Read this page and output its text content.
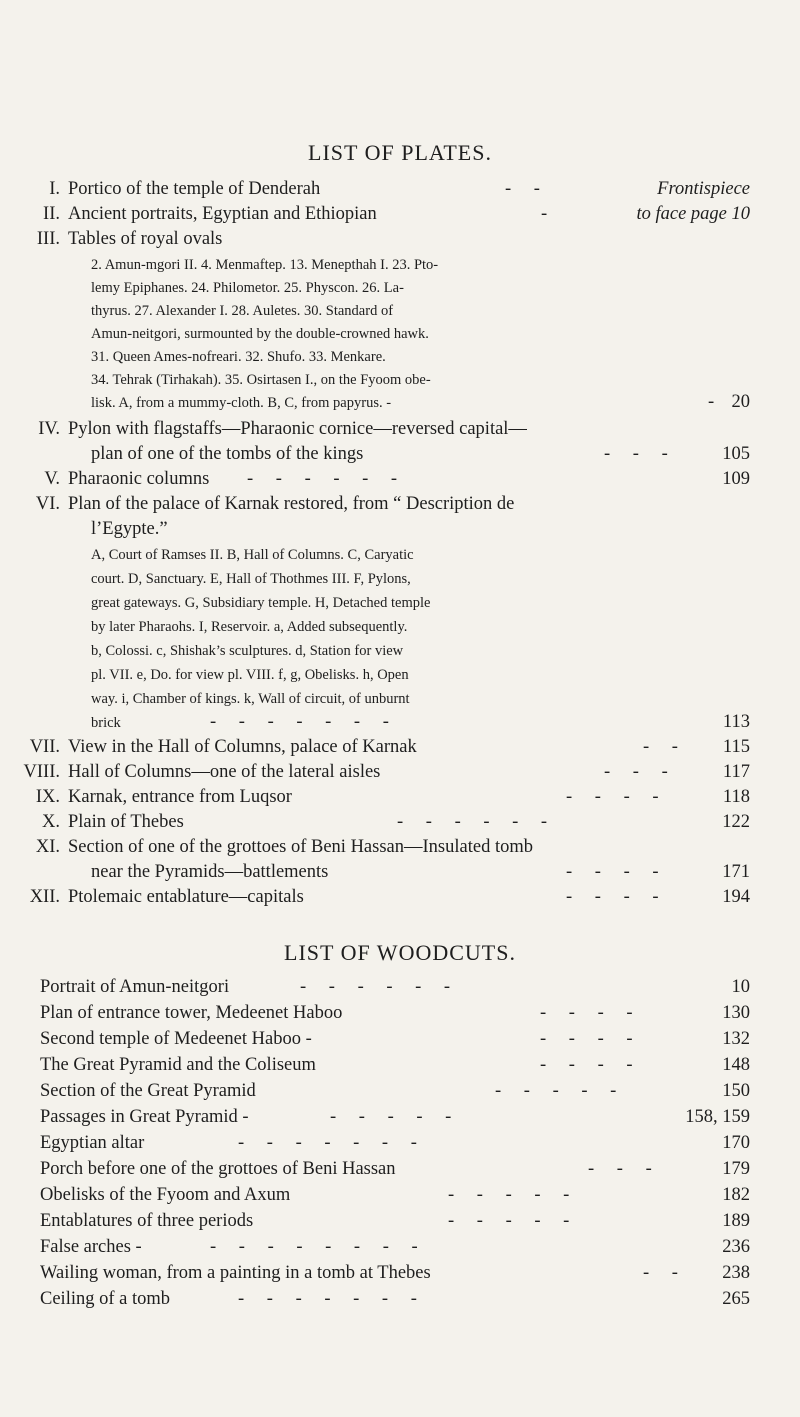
LIST OF PLATES.
I. Portico of the temple of Denderah	- -	Frontispiece
II. Ancient portraits, Egyptian and Ethiopian	-	to face page 10
III. Tables of royal ovals
2. Amun-mgori II. 4. Menmaftep. 13. Menepthah I. 23. Pto-
lemy Epiphanes. 24. Philometor. 25. Physcon. 26. La-
thyrus. 27. Alexander I. 28. Auletes. 30. Standard of
Amun-neitgori, surmounted by the double-crowned hawk.
31. Queen Ames-nofreari. 32. Shufo. 33. Menkare.
34. Tehrak (Tirhakah). 35. Osirtasen I., on the Fyoom obe-
lisk. A, from a mummy-cloth. B, C, from papyrus. -	- 20
IV. Pylon with flagstaffs—Pharaonic cornice—reversed capital—
plan of one of the tombs of the kings	- - -	105
V. Pharaonic columns - - - - - -	109
VI. Plan of the palace of Karnak restored, from “ Description de
l’Egypte.”
A, Court of Ramses II. B, Hall of Columns. C, Caryatic
court. D, Sanctuary. E, Hall of Thothmes III. F, Pylons,
great gateways. G, Subsidiary temple. H, Detached temple
by later Pharaohs. I, Reservoir. a, Added subsequently.
b, Colossi. c, Shishak’s sculptures. d, Station for view
pl. VII. e, Do. for view pl. VIII. f, g, Obelisks. h, Open
way. i, Chamber of kings. k, Wall of circuit, of unburnt
brick	- - - - - - -	113
VII. View in the Hall of Columns, palace of Karnak	- - 115
VIII. Hall of Columns—one of the lateral aisles	- - -	117
IX. Karnak, entrance from Luqsor	- - - -	118
X. Plain of Thebes	- - - - - -	122
XI. Section of one of the grottoes of Beni Hassan—Insulated tomb
near the Pyramids—battlements	- - - -	171
XII. Ptolemaic entablature—capitals	- - - -	194
LIST OF WOODCUTS.
Portrait of Amun-neitgori	- - - - - -	10
Plan of entrance tower, Medeenet Haboo	- - - -	130
Second temple of Medeenet Haboo -	- - - -	132
The Great Pyramid and the Coliseum	- - - -	148
Section of the Great Pyramid	- - - - -	150
Passages in Great Pyramid -	- - - - -	158, 159
Egyptian altar	- - - - - - -	170
Porch before one of the grottoes of Beni Hassan	- - -	179
Obelisks of the Fyoom and Axum	- - - - -	182
Entablatures of three periods	- - - - -	189
False arches -	- - - - - - - -	236
Wailing woman, from a painting in a tomb at Thebes	- - 238
Ceiling of a tomb	- - - - - - -	265
